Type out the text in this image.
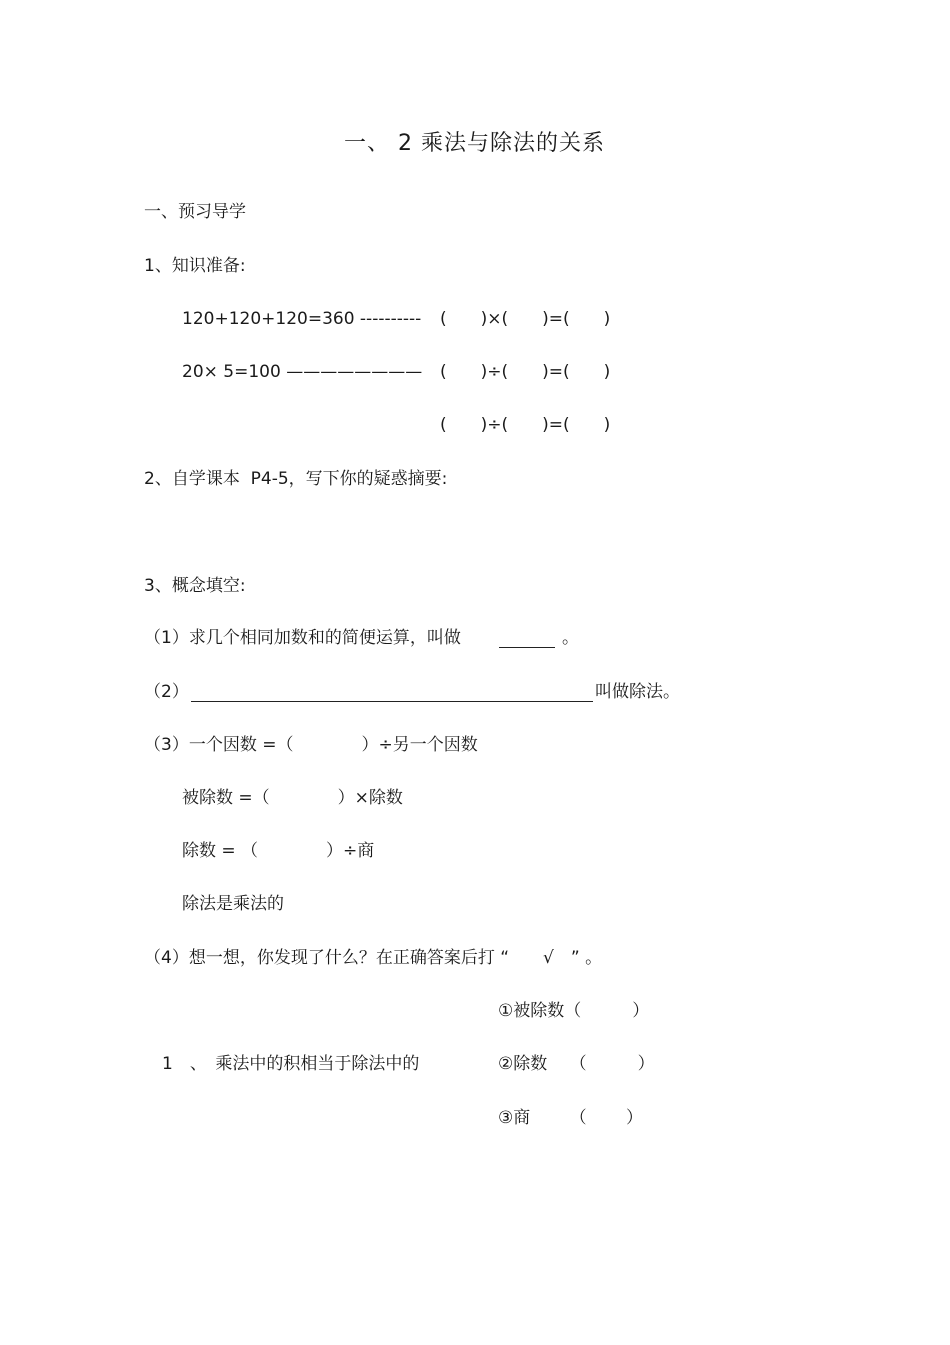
一、 2 乘法与除法的关系
一、预习导学
1、知识准备:
120+120+120=360 ---------- (　　)×(　　)=(　　)
20× 5=100 ———————— (　　)÷(　　)=(　　)
(　　)÷(　　)=(　　)
2、自学课本  P4-5，写下你的疑惑摘要:
3、概念填空:
（1）求几个相同加数和的简便运算，叫做	。
（2）	叫做除法。
（3）一个因数 =（　　　　）÷另一个因数
被除数 =（　　　　）×除数
除数 = （　　　　）÷商
除法是乘法的
（4）想一想，你发现了什么？在正确答案后打 “　　√　” 。
①被除数（　　　）
1　、　乘法中的积相当于除法中的	②除数　 （　　　）
③商　　 （　　 ）
